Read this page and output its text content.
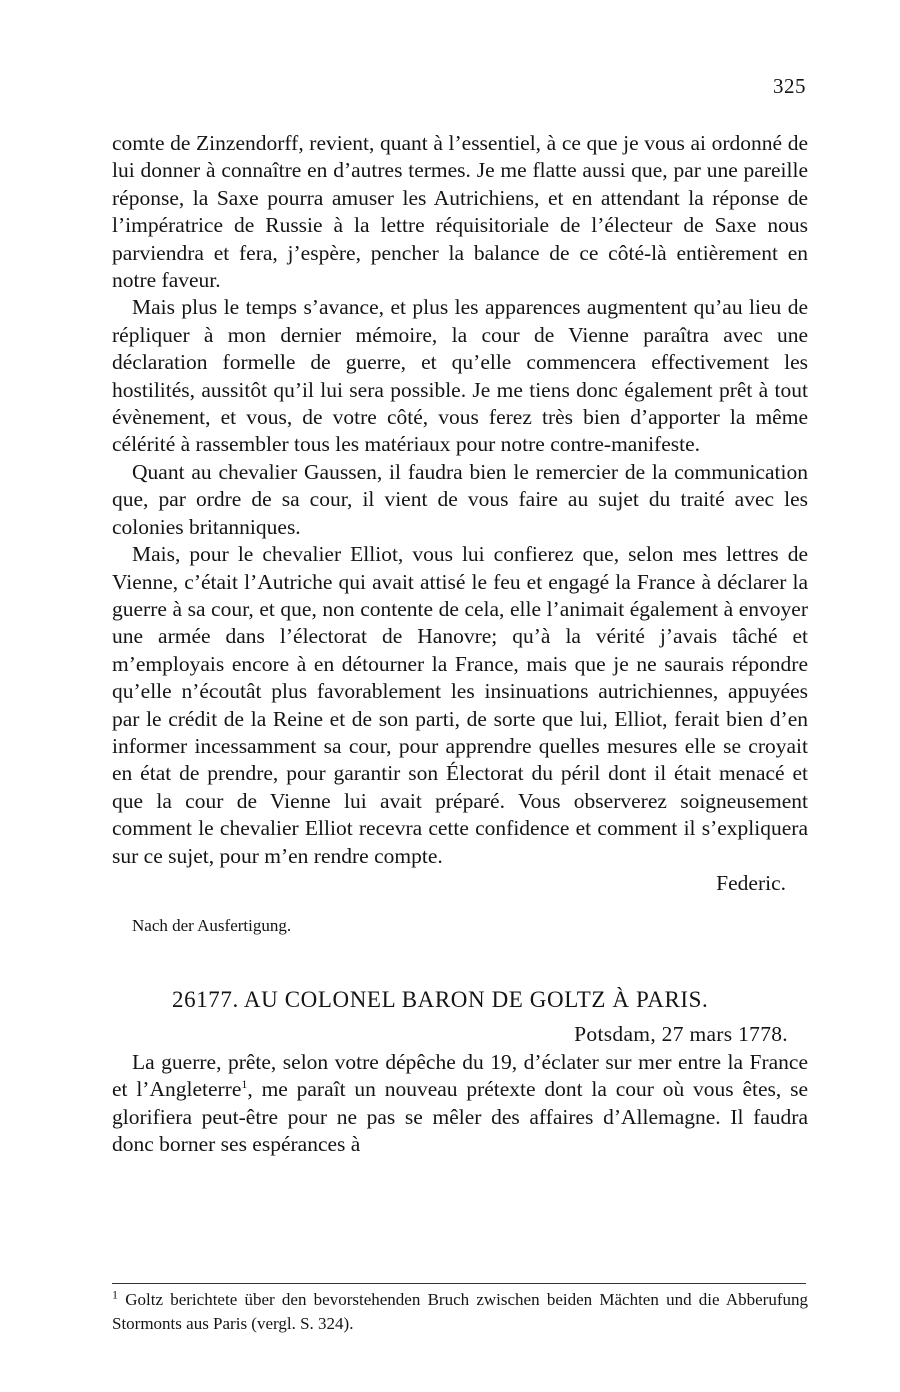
325

comte de Zinzendorff, revient, quant à l’essentiel, à ce que je vous ai ordonné de lui donner à connaître en d’autres termes. Je me flatte aussi que, par une pareille réponse, la Saxe pourra amuser les Autrichiens, et en attendant la réponse de l’impératrice de Russie à la lettre réquisitoriale de l’électeur de Saxe nous parviendra et fera, j’espère, pencher la balance de ce côté-là entièrement en notre faveur.

Mais plus le temps s’avance, et plus les apparences augmentent qu’au lieu de répliquer à mon dernier mémoire, la cour de Vienne paraîtra avec une déclaration formelle de guerre, et qu’elle commencera effectivement les hostilités, aussitôt qu’il lui sera possible. Je me tiens donc également prêt à tout évènement, et vous, de votre côté, vous ferez très bien d’apporter la même célérité à rassembler tous les matériaux pour notre contre-manifeste.

Quant au chevalier Gaussen, il faudra bien le remercier de la communication que, par ordre de sa cour, il vient de vous faire au sujet du traité avec les colonies britanniques.

Mais, pour le chevalier Elliot, vous lui confierez que, selon mes lettres de Vienne, c’était l’Autriche qui avait attisé le feu et engagé la France à déclarer la guerre à sa cour, et que, non contente de cela, elle l’animait également à envoyer une armée dans l’électorat de Hanovre; qu’à la vérité j’avais tâché et m’employais encore à en détourner la France, mais que je ne saurais répondre qu’elle n’écoutât plus favorablement les insinuations autrichiennes, appuyées par le crédit de la Reine et de son parti, de sorte que lui, Elliot, ferait bien d’en informer incessamment sa cour, pour apprendre quelles mesures elle se croyait en état de prendre, pour garantir son Électorat du péril dont il était menacé et que la cour de Vienne lui avait préparé. Vous observerez soigneusement comment le chevalier Elliot recevra cette confidence et comment il s’expliquera sur ce sujet, pour m’en rendre compte.

Federic.
Nach der Ausfertigung.
26177. AU COLONEL BARON DE GOLTZ À PARIS.
Potsdam, 27 mars 1778.

La guerre, prête, selon votre dépêche du 19, d’éclater sur mer entre la France et l’Angleterre$^1$, me paraît un nouveau prétexte dont la cour où vous êtes, se glorifiera peut-être pour ne pas se mêler des affaires d’Allemagne. Il faudra donc borner ses espérances à

$^1$ Goltz berichtete über den bevorstehenden Bruch zwischen beiden Mächten und die Abberufung Stormonts aus Paris (vergl. S. 324).
